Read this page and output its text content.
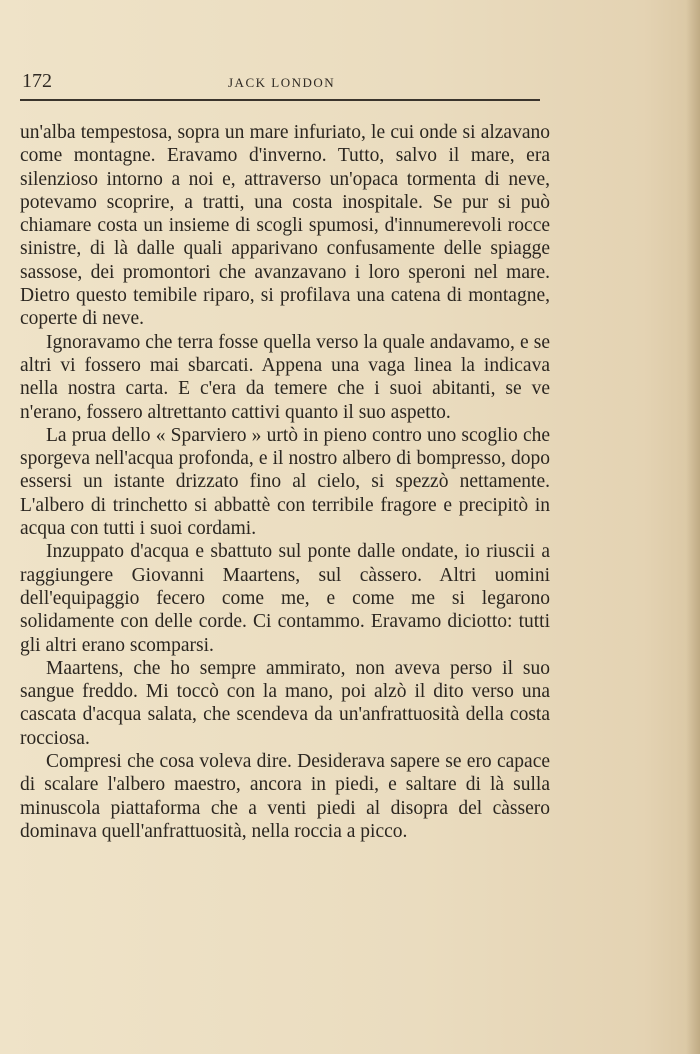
172	JACK LONDON

un'alba tempestosa, sopra un mare infuriato, le cui onde si alzavano come montagne. Eravamo d'inverno. Tutto, salvo il mare, era silenzioso intorno a noi e, attraverso un'opaca tormenta di neve, potevamo scoprire, a tratti, una costa inospitale. Se pur si può chiamare costa un insieme di scogli spumosi, d'innumerevoli rocce sinistre, di là dalle quali apparivano confusamente delle spiagge sassose, dei promontori che avanzavano i loro speroni nel mare. Dietro questo temibile riparo, si profilava una catena di montagne, coperte di neve.

Ignoravamo che terra fosse quella verso la quale andavamo, e se altri vi fossero mai sbarcati. Appena una vaga linea la indicava nella nostra carta. E c'era da temere che i suoi abitanti, se ve n'erano, fossero altrettanto cattivi quanto il suo aspetto.

La prua dello « Sparviero » urtò in pieno contro uno scoglio che sporgeva nell'acqua profonda, e il nostro albero di bompresso, dopo essersi un istante drizzato fino al cielo, si spezzò nettamente. L'albero di trinchetto si abbattè con terribile fragore e precipitò in acqua con tutti i suoi cordami.

Inzuppato d'acqua e sbattuto sul ponte dalle ondate, io riuscii a raggiungere Giovanni Maartens, sul càssero. Altri uomini dell'equipaggio fecero come me, e come me si legarono solidamente con delle corde. Ci contammo. Eravamo diciotto: tutti gli altri erano scomparsi.

Maartens, che ho sempre ammirato, non aveva perso il suo sangue freddo. Mi toccò con la mano, poi alzò il dito verso una cascata d'acqua salata, che scendeva da un'anfrattuosità della costa rocciosa.

Compresi che cosa voleva dire. Desiderava sapere se ero capace di scalare l'albero maestro, ancora in piedi, e saltare di là sulla minuscola piattaforma che a venti piedi al disopra del càssero dominava quell'anfrattuosità, nella roccia a picco.
